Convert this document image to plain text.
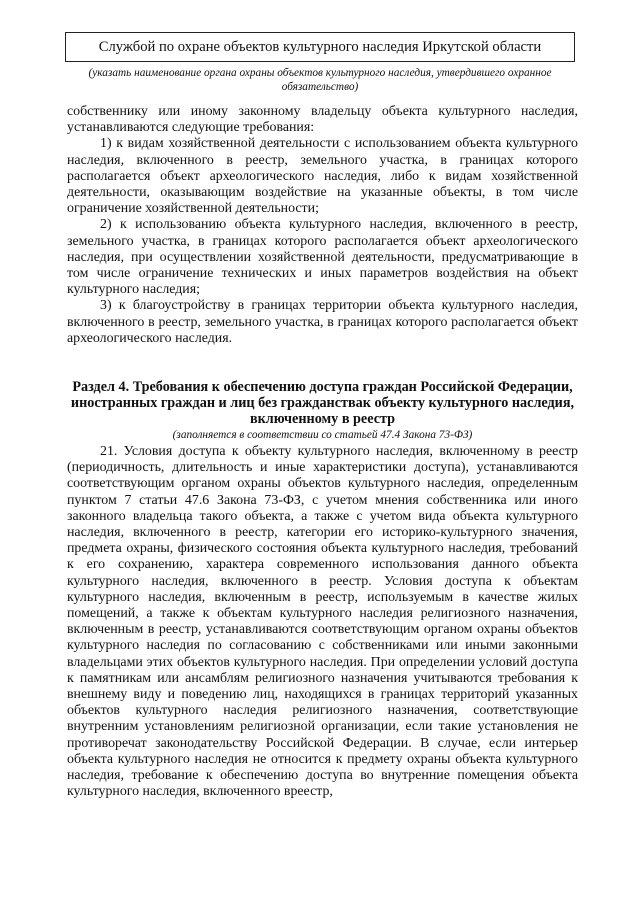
Службой по охране объектов культурного наследия Иркутской области
(указать наименование органа охраны объектов культурного наследия, утвердившего охранное обязательство)

собственнику или иному законному владельцу объекта культурного наследия, устанавливаются следующие требования:

1) к видам хозяйственной деятельности с использованием объекта культурного наследия, включенного в реестр, земельного участка, в границах которого располагается объект археологического наследия, либо к видам хозяйственной деятельности, оказывающим воздействие на указанные объекты, в том числе ограничение хозяйственной деятельности;

2) к использованию объекта культурного наследия, включенного в реестр, земельного участка, в границах которого располагается объект археологического наследия, при осуществлении хозяйственной деятельности, предусматривающие в том числе ограничение технических и иных параметров воздействия на объект культурного наследия;

3) к благоустройству в границах территории объекта культурного наследия, включенного в реестр, земельного участка, в границах которого располагается объект археологического наследия.

Раздел 4. Требования к обеспечению доступа граждан Российской Федерации, иностранных граждан и лиц без гражданствак объекту культурного наследия, включенному в реестр
(заполняется в соответствии со статьей 47.4 Закона 73-ФЗ)

21. Условия доступа к объекту культурного наследия, включенному в реестр (периодичность, длительность и иные характеристики доступа), устанавливаются соответствующим органом охраны объектов культурного наследия, определенным пунктом 7 статьи 47.6 Закона 73-ФЗ, с учетом мнения собственника или иного законного владельца такого объекта, а также с учетом вида объекта культурного наследия, включенного в реестр, категории его историко-культурного значения, предмета охраны, физического состояния объекта культурного наследия, требований к его сохранению, характера современного использования данного объекта культурного наследия, включенного в реестр. Условия доступа к объектам культурного наследия, включенным в реестр, используемым в качестве жилых помещений, а также к объектам культурного наследия религиозного назначения, включенным в реестр, устанавливаются соответствующим органом охраны объектов культурного наследия по согласованию с собственниками или иными законными владельцами этих объектов культурного наследия. При определении условий доступа к памятникам или ансамблям религиозного назначения учитываются требования к внешнему виду и поведению лиц, находящихся в границах территорий указанных объектов культурного наследия религиозного назначения, соответствующие внутренним установлениям религиозной организации, если такие установления не противоречат законодательству Российской Федерации. В случае, если интерьер объекта культурного наследия не относится к предмету охраны объекта культурного наследия, требование к обеспечению доступа во внутренние помещения объекта культурного наследия, включенного вреестр,
